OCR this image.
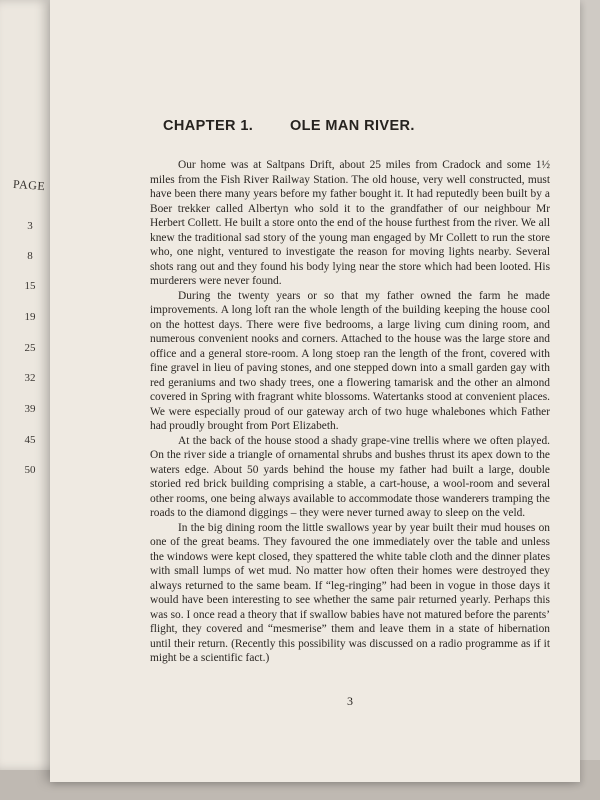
PAGE
3
8
15
19
25
32
39
45
50
CHAPTER 1.	OLE MAN RIVER.

Our home was at Saltpans Drift, about 25 miles from Cradock and some 1½ miles from the Fish River Railway Station. The old house, very well constructed, must have been there many years before my father bought it. It had reputedly been built by a Boer trekker called Albertyn who sold it to the grandfather of our neighbour Mr Herbert Collett. He built a store onto the end of the house furthest from the river. We all knew the traditional sad story of the young man engaged by Mr Collett to run the store who, one night, ventured to investigate the reason for moving lights nearby. Several shots rang out and they found his body lying near the store which had been looted. His murderers were never found.

During the twenty years or so that my father owned the farm he made improvements. A long loft ran the whole length of the building keeping the house cool on the hottest days. There were five bedrooms, a large living cum dining room, and numerous convenient nooks and corners. Attached to the house was the large store and office and a general store-room. A long stoep ran the length of the front, covered with fine gravel in lieu of paving stones, and one stepped down into a small garden gay with red geraniums and two shady trees, one a flowering tamarisk and the other an almond covered in Spring with fragrant white blossoms. Watertanks stood at convenient places. We were especially proud of our gateway arch of two huge whalebones which Father had proudly brought from Port Elizabeth.

At the back of the house stood a shady grape-vine trellis where we often played. On the river side a triangle of ornamental shrubs and bushes thrust its apex down to the waters edge. About 50 yards behind the house my father had built a large, double storied red brick building comprising a stable, a cart-house, a wool-room and several other rooms, one being always available to accommodate those wanderers tramping the roads to the diamond diggings – they were never turned away to sleep on the veld.

In the big dining room the little swallows year by year built their mud houses on one of the great beams. They favoured the one immediately over the table and unless the windows were kept closed, they spattered the white table cloth and the dinner plates with small lumps of wet mud. No matter how often their homes were destroyed they always returned to the same beam. If “leg-ringing” had been in vogue in those days it would have been interesting to see whether the same pair returned yearly. Perhaps this was so. I once read a theory that if swallow babies have not matured before the parents’ flight, they covered and “mesmerise” them and leave them in a state of hibernation until their return. (Recently this possibility was discussed on a radio programme as if it might be a scientific fact.)

3
